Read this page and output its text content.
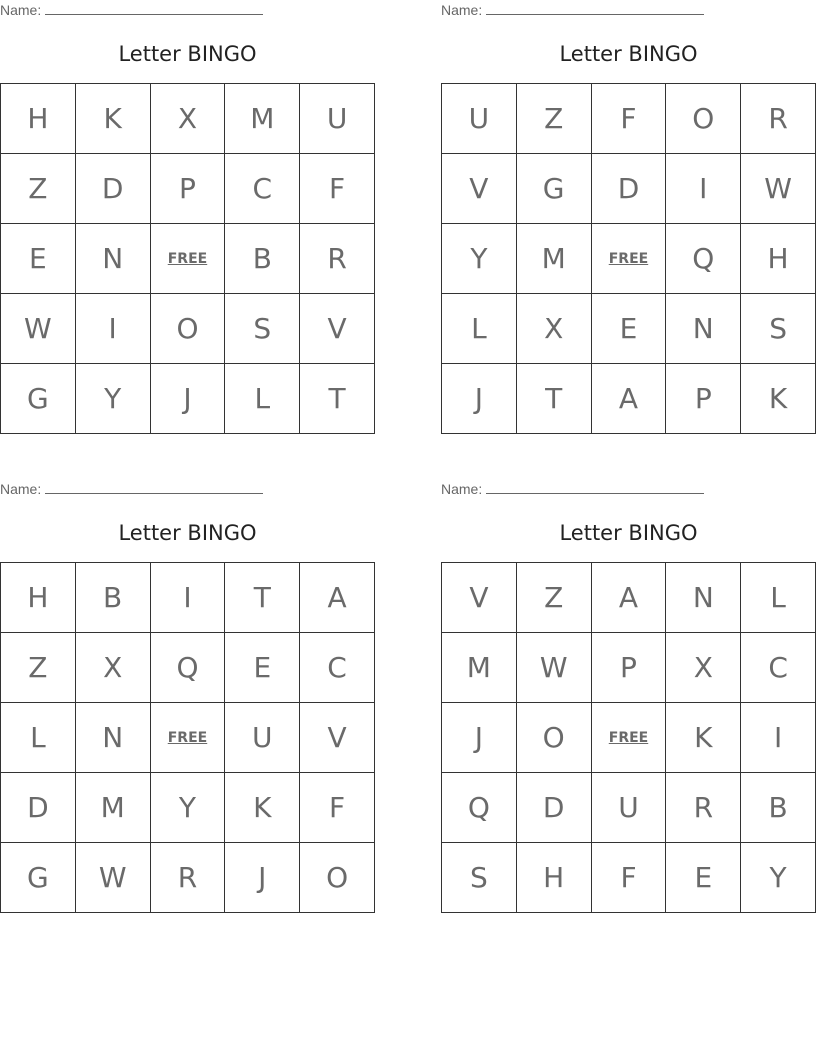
Name:
Letter BINGO
H	K	X	M	U
Z	D	P	C	F
E	N	FREE	B	R
W	I	O	S	V
G	Y	J	L	T
Name:
Letter BINGO
U	Z	F	O	R
V	G	D	I	W
Y	M	FREE	Q	H
L	X	E	N	S
J	T	A	P	K
Name:
Letter BINGO
H	B	I	T	A
Z	X	Q	E	C
L	N	FREE	U	V
D	M	Y	K	F
G	W	R	J	O
Name:
Letter BINGO
V	Z	A	N	L
M	W	P	X	C
J	O	FREE	K	I
Q	D	U	R	B
S	H	F	E	Y
